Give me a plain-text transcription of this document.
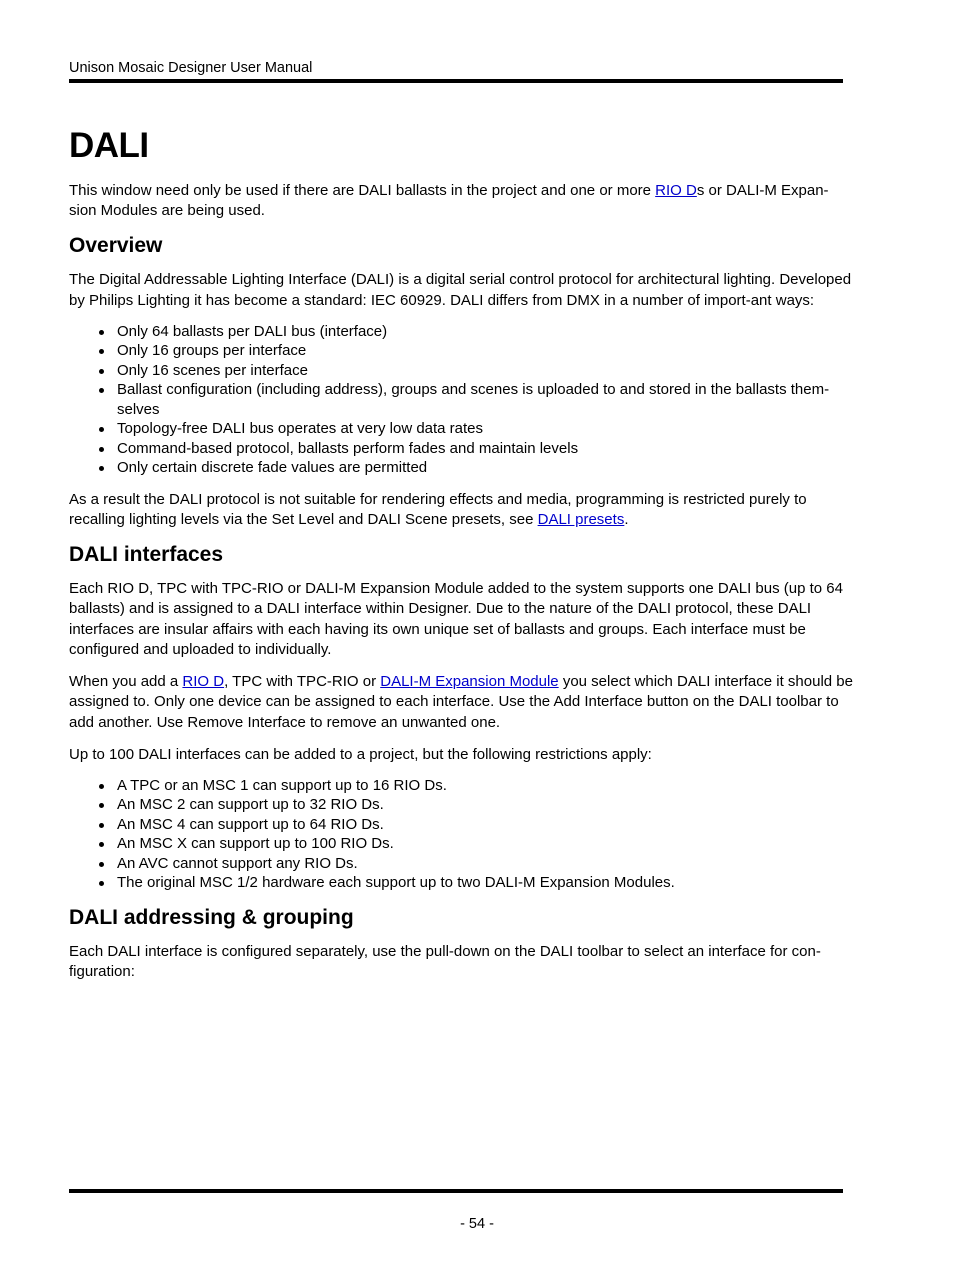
Unison Mosaic Designer User Manual
DALI

This window need only be used if there are DALI ballasts in the project and one or more RIO Ds or DALI-M Expan-sion Modules are being used.

Overview

The Digital Addressable Lighting Interface (DALI) is a digital serial control protocol for architectural lighting. Developed by Philips Lighting it has become a standard: IEC 60929. DALI differs from DMX in a number of import-ant ways:

Only 64 ballasts per DALI bus (interface)
Only 16 groups per interface
Only 16 scenes per interface
Ballast configuration (including address), groups and scenes is uploaded to and stored in the ballasts them-selves
Topology-free DALI bus operates at very low data rates
Command-based protocol, ballasts perform fades and maintain levels
Only certain discrete fade values are permitted

As a result the DALI protocol is not suitable for rendering effects and media, programming is restricted purely to recalling lighting levels via the Set Level and DALI Scene presets, see DALI presets.

DALI interfaces

Each RIO D, TPC with TPC-RIO or DALI-M Expansion Module added to the system supports one DALI bus (up to 64 ballasts) and is assigned to a DALI interface within Designer. Due to the nature of the DALI protocol, these DALI interfaces are insular affairs with each having its own unique set of ballasts and groups. Each interface must be configured and uploaded to individually.

When you add a RIO D, TPC with TPC-RIO or DALI-M Expansion Module you select which DALI interface it should be assigned to. Only one device can be assigned to each interface. Use the Add Interface button on the DALI toolbar to add another. Use Remove Interface to remove an unwanted one.

Up to 100 DALI interfaces can be added to a project, but the following restrictions apply:

A TPC or an MSC 1 can support up to 16 RIO Ds.
An MSC 2 can support up to 32 RIO Ds.
An MSC 4 can support up to 64 RIO Ds.
An MSC X can support up to 100 RIO Ds.
An AVC cannot support any RIO Ds.
The original MSC 1/2 hardware each support up to two DALI-M Expansion Modules.
DALI addressing & grouping

Each DALI interface is configured separately, use the pull-down on the DALI toolbar to select an interface for con-figuration:

- 54 -
